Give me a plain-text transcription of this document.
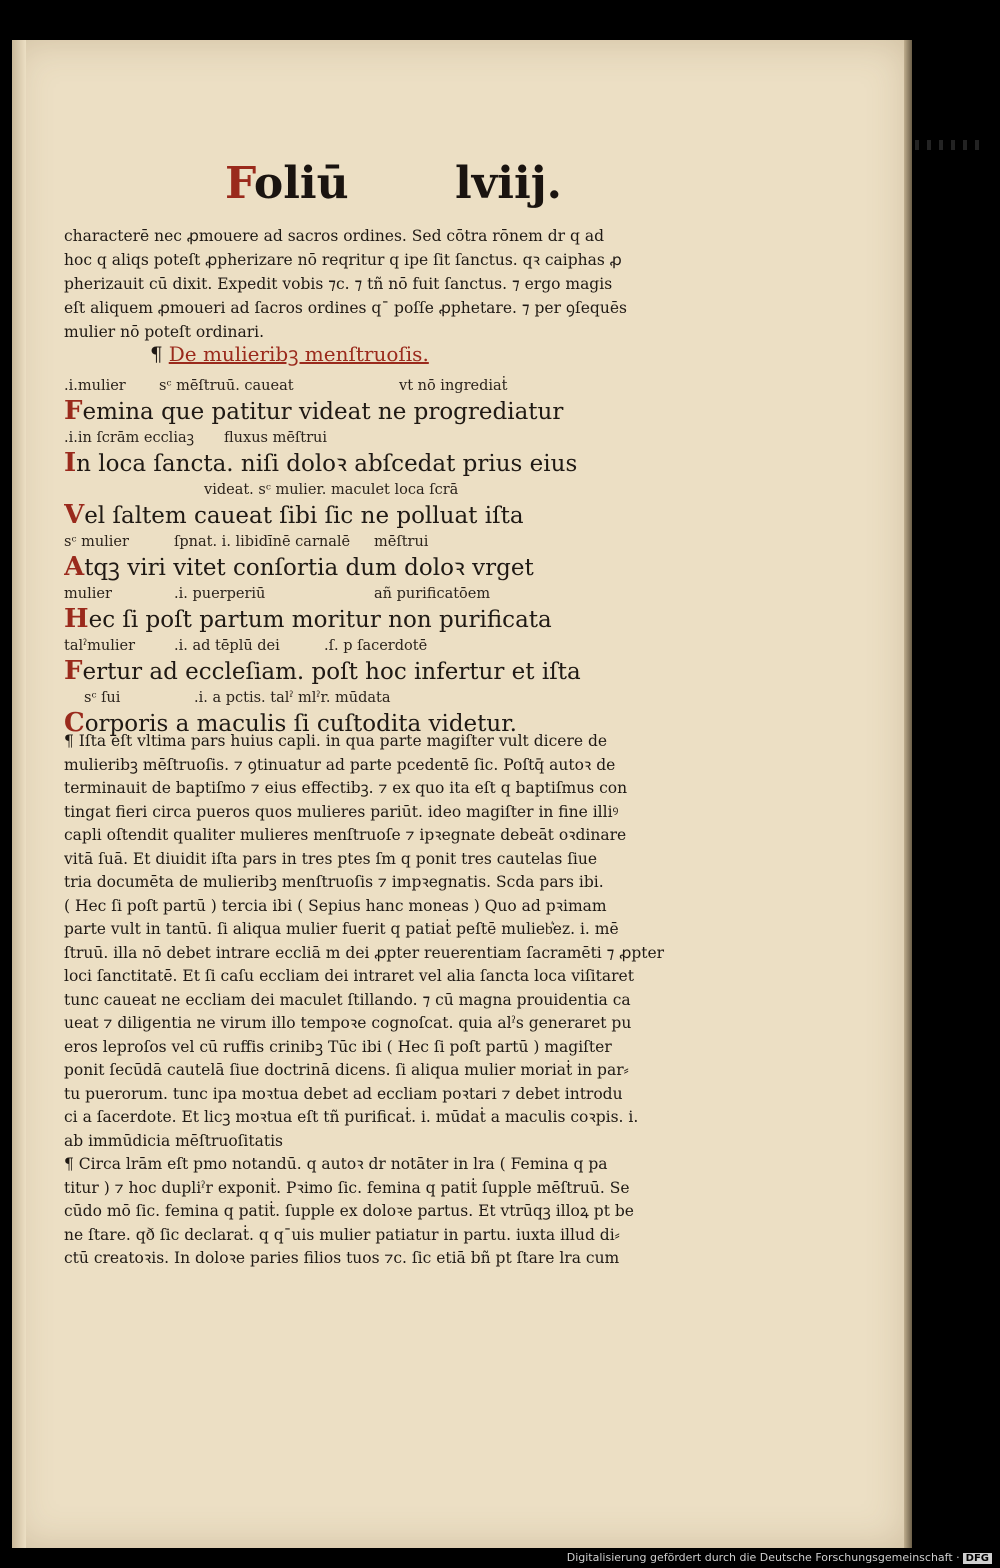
Foliū lviij.
characterē nec ꝓmouere ad sacros ordines. Sed cōtra rōnem dr q ad
hoc q aliqs poteſt ꝓpherizare nō reqritur q ipe ſit ſanctus. qꝛ caiphas ꝓ
pherizauit cū dixit. Expedit vobis ⁊c. ⁊ tñ nō fuit ſanctus. ⁊ ergo magis
eſt aliquem ꝓmoueri ad ſacros ordines qˉ poſſe ꝓphetare. ⁊ per ꝯſequēs
mulier nō poteſt ordinari.
¶ De mulieribꝫ menſtruoſis.
.i.mulier sᶜ mēſtruū. caueat	vt nō ingrediaṫ
Femina que patitur videat ne progrediatur
.i.in ſcrām eccliaꝫ fluxus mēſtrui
In loca ſancta. niſi doloꝛ abſcedat prius eius
videat. sᶜ mulier. maculet loca ſcrā
Vel ſaltem caueat ſibi ſic ne polluat iſta
sᶜ mulier	ſpnat. i. libidīnē carnalē mēſtrui
Atqꝫ viri vitet conſortia dum doloꝛ vrget
mulier	.i. puerperiū	añ purificatōem
Hec ſi poſt partum moritur non purificata
talˀmulier	.i. ad tēplū dei	.ſ. p ſacerdotē
Fertur ad eccleſiam. poſt hoc infertur et iſta
sᶜ ſui	.i. a pctis. talˀ mlˀr. mūdata
Corporis a maculis ſi cuſtodita videtur.
¶ Iſta eſt vltima pars huius capli. in qua parte magiſter vult dicere de
mulieribꝫ mēſtruoſis. ⁊ ꝯtinuatur ad parte pcedentē ſic. Poſtq̄ autoꝛ de
terminauit de baptiſmo ⁊ eius effectibꝫ. ⁊ ex quo ita eſt q baptiſmus con
tingat fieri circa pueros quos mulieres pariūt. ideo magiſter in fine illiꝰ
capli oſtendit qualiter mulieres menſtruoſe ⁊ ipꝛegnate debeāt oꝛdinare
vitā ſuā. Et diuidit iſta pars in tres ptes ſm q ponit tres cautelas ſiue
tria documēta de mulieribꝫ menſtruoſis ⁊ impꝛegnatis. Scda pars ibi.
( Hec ſi poſt partū ) tercia ibi ( Sepius hanc moneas ) Quo ad pꝛimam
parte vult in tantū. ſi aliqua mulier fuerit q patiaṫ peſtē mulieb͛ez. i. mē
ſtruū. illa nō debet intrare eccliā m dei ꝓpter reuerentiam ſacramēti ⁊ ꝓpter
loci ſanctitatē. Et ſi caſu eccliam dei intraret vel alia ſancta loca viſitaret
tunc caueat ne eccliam dei maculet ſtillando. ⁊ cū magna prouidentia ca
ueat ⁊ diligentia ne virum illo tempoꝛe cognoſcat. quia alˀs generaret pu
eros leproſos vel cū ruffis crinibꝫ Tūc ibi ( Hec ſi poſt partū ) magiſter
ponit ſecūdā cautelā ſiue doctrinā dicens. ſi aliqua mulier moriaṫ in par⸗
tu puerorum. tunc ipa moꝛtua debet ad eccliam poꝛtari ⁊ debet introdu
ci a ſacerdote. Et licꝫ moꝛtua eſt tñ purificaṫ. i. mūdaṫ a maculis coꝛpis. i.
ab immūdicia mēſtruoſitatis
¶ Circa lrām eſt pmo notandū. q autoꝛ dr notāter in lra ( Femina q pa
titur ) ⁊ hoc dupliˀr exponiṫ. Pꝛimo ſic. femina q patiṫ ſupple mēſtruū. Se
cūdo mō ſic. femina q patiṫ. ſupple ex doloꝛe partus. Et vtrūqꝫ illoꝝ pt be
ne ſtare. qð ſic declaraṫ. q qˉuis mulier patiatur in partu. iuxta illud di⸗
ctū creatoꝛis. In doloꝛe paries filios tuos ⁊c. ſic etiā bñ pt ſtare lra cum
Digitalisierung gefördert durch die Deutsche Forschungsgemeinschaft · DFG
